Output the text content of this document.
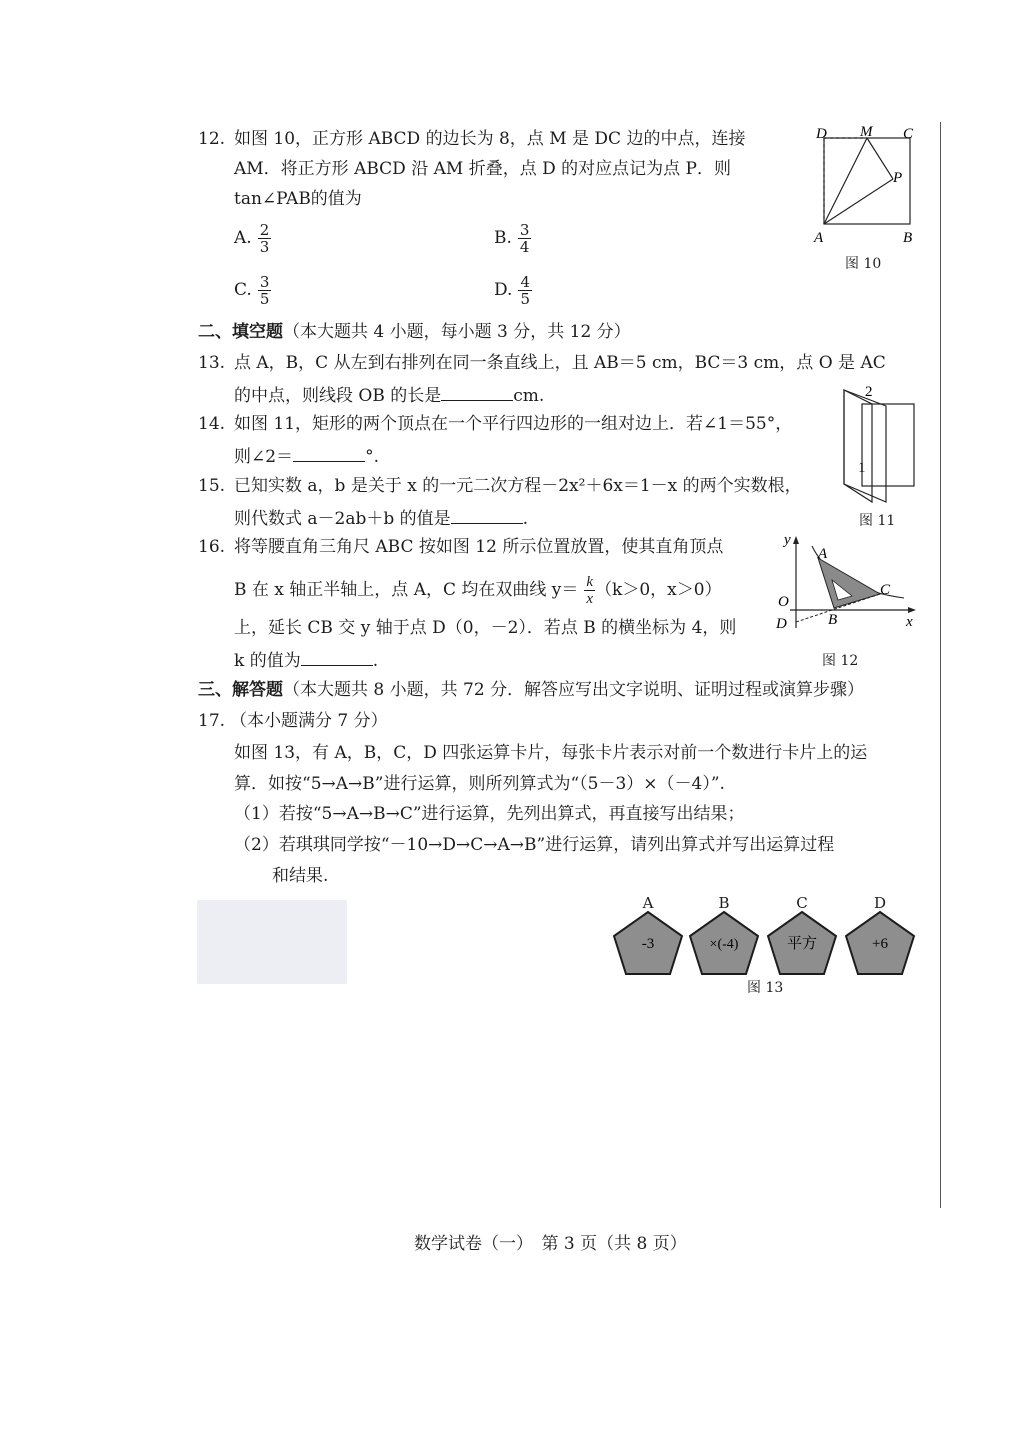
12. 如图 10，正方形 ABCD 的边长为 8，点 M 是 DC 边的中点，连接
AM．将正方形 ABCD 沿 AM 折叠，点 D 的对应点记为点 P．则
tan∠PAB的值为
A. $\frac{2}{3}$	B. $\frac{3}{4}$
C. $\frac{3}{5}$	D. $\frac{4}{5}$
D M C
P
A	B
图 10
二、填空题（本大题共 4 小题，每小题 3 分，共 12 分）
13. 点 A，B，C 从左到右排列在同一条直线上，且 AB＝5 cm，BC＝3 cm，点 O 是 AC
的中点，则线段 OB 的长是	cm.
14. 如图 11，矩形的两个顶点在一个平行四边形的一组对边上．若∠1＝55°，
则∠2＝	°.
2
1
图 11
15. 已知实数 a，b 是关于 x 的一元二次方程－2x²＋6x＝1－x 的两个实数根，
则代数式 a－2ab＋b 的值是	.
16. 将等腰直角三角尺 ABC 按如图 12 所示位置放置，使其直角顶点
B 在 x 轴正半轴上，点 A，C 均在双曲线 $y= \frac{k}{x} (k>0$，x＞0）
上，延长 CB 交 y 轴于点 D（0，－2）．若点 B 的横坐标为 4，则
k 的值为	.
y
A
C
O
D	B	x
图 12
三、解答题（本大题共 8 小题，共 72 分．解答应写出文字说明、证明过程或演算步骤）
17. （本小题满分 7 分）
如图 13，有 A，B，C，D 四张运算卡片，每张卡片表示对前一个数进行卡片上的运
算．如按“5→A→B”进行运算，则所列算式为“（5－3）×（－4）”.
（1）若按“5→A→B→C”进行运算，先列出算式，再直接写出结果；
（2）若琪琪同学按“－10→D→C→A→B”进行运算，请列出算式并写出运算过程
和结果.
A	B	C	D
-3	×(-4)	平方	+6
图 13
数学试卷（一）　第 3 页（共 8 页）
